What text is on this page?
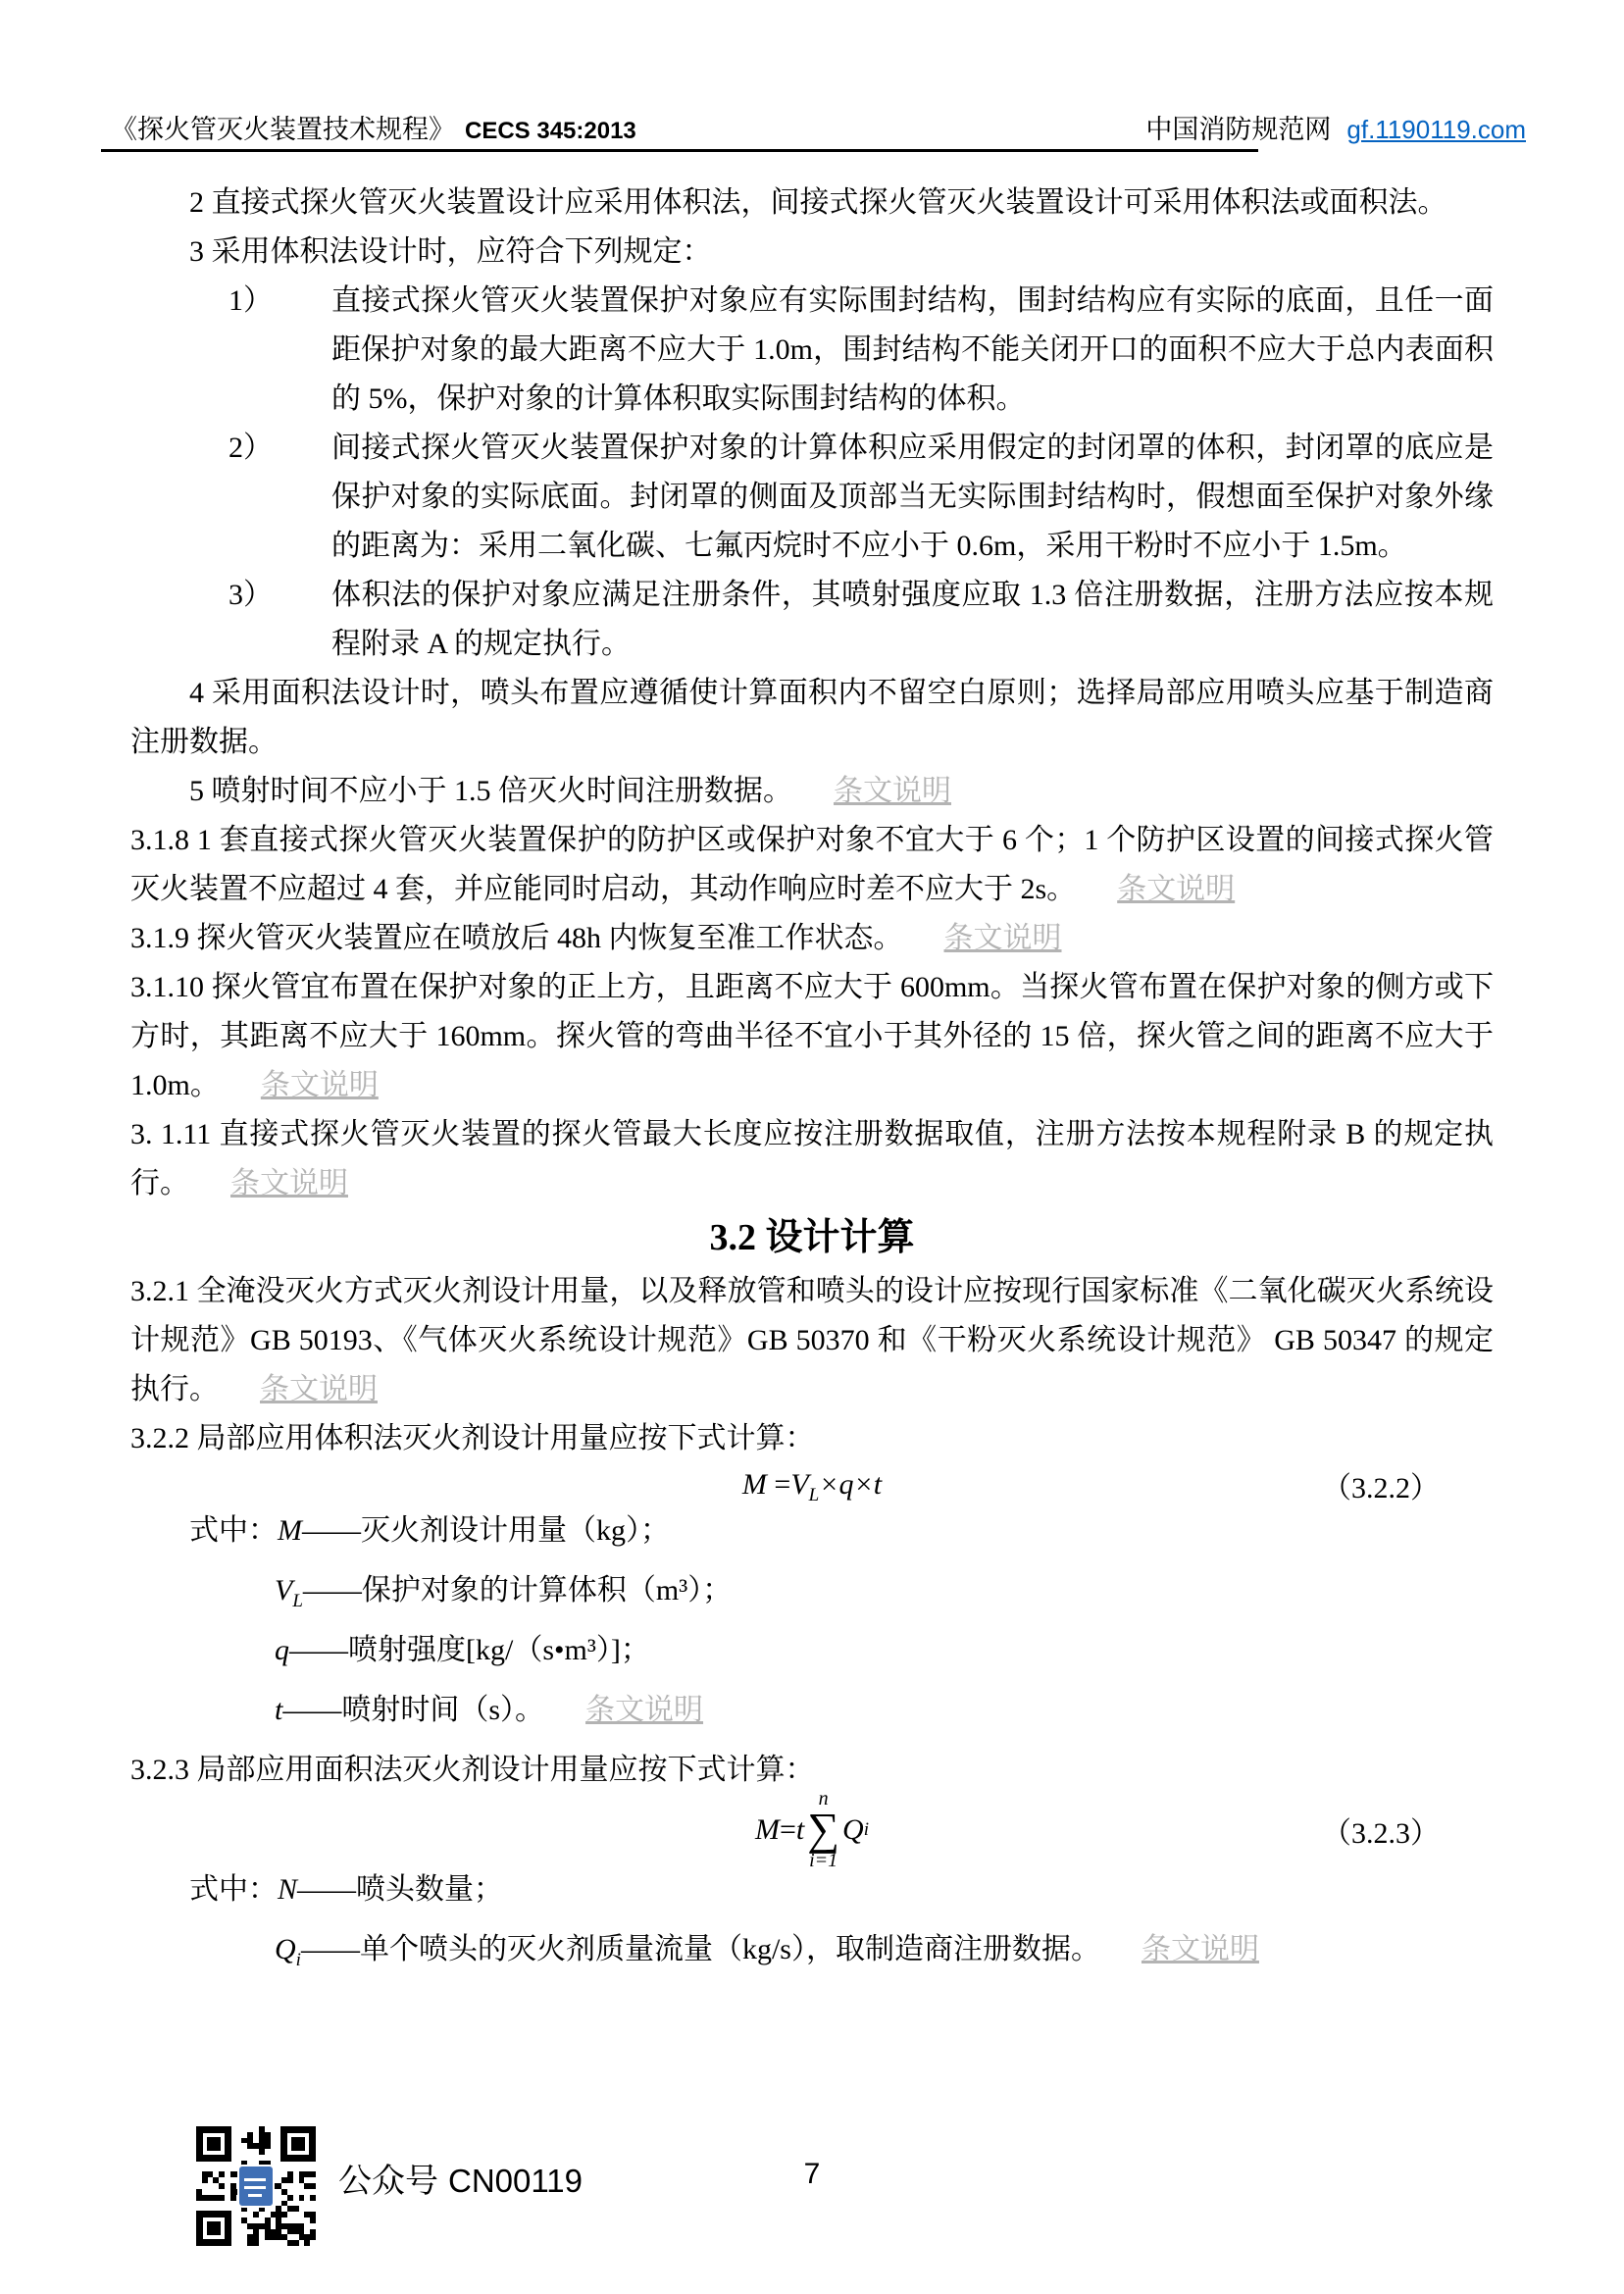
《探火管灭火装置技术规程》 CECS 345:2013	中国消防规范网 gf.1190119.com

2 直接式探火管灭火装置设计应采用体积法，间接式探火管灭火装置设计可采用体积法或面积法。

3 采用体积法设计时，应符合下列规定：

1） 直接式探火管灭火装置保护对象应有实际围封结构，围封结构应有实际的底面，且任一面距保护对象的最大距离不应大于 1.0m，围封结构不能关闭开口的面积不应大于总内表面积的 5%，保护对象的计算体积取实际围封结构的体积。
2） 间接式探火管灭火装置保护对象的计算体积应采用假定的封闭罩的体积，封闭罩的底应是保护对象的实际底面。封闭罩的侧面及顶部当无实际围封结构时，假想面至保护对象外缘的距离为：采用二氧化碳、七氟丙烷时不应小于 0.6m，采用干粉时不应小于 1.5m。
3） 体积法的保护对象应满足注册条件，其喷射强度应取 1.3 倍注册数据，注册方法应按本规程附录 A 的规定执行。

4 采用面积法设计时，喷头布置应遵循使计算面积内不留空白原则；选择局部应用喷头应基于制造商注册数据。

5 喷射时间不应小于 1.5 倍灭火时间注册数据。 条文说明

3.1.8 1 套直接式探火管灭火装置保护的防护区或保护对象不宜大于 6 个；1 个防护区设置的间接式探火管灭火装置不应超过 4 套，并应能同时启动，其动作响应时差不应大于 2s。 条文说明

3.1.9 探火管灭火装置应在喷放后 48h 内恢复至准工作状态。 条文说明

3.1.10 探火管宜布置在保护对象的正上方，且距离不应大于 600mm。当探火管布置在保护对象的侧方或下方时，其距离不应大于 160mm。探火管的弯曲半径不宜小于其外径的 15 倍，探火管之间的距离不应大于 1.0m。 条文说明

3. 1.11 直接式探火管灭火装置的探火管最大长度应按注册数据取值，注册方法按本规程附录 B 的规定执行。 条文说明

3.2 设计计算

3.2.1 全淹没灭火方式灭火剂设计用量，以及释放管和喷头的设计应按现行国家标准《二氧化碳灭火系统设计规范》GB 50193、《气体灭火系统设计规范》GB 50370 和《干粉灭火系统设计规范》 GB 50347 的规定执行。 条文说明

3.2.2 局部应用体积法灭火剂设计用量应按下式计算：

$M =V_L\times q\times t$	（3.2.2）
式中：M——灭火剂设计用量（kg）；
$V_L——$保护对象的计算体积（m³）；
q——喷射强度[kg/（s•m³）]；
t——喷射时间（s）。 条文说明

3.2.3 局部应用面积法灭火剂设计用量应按下式计算：

M = t
n
∑
i=1
Q i	（3.2.3）
式中：N——喷头数量；
$Q_i——$单个喷头的灭火剂质量流量（kg/s），取制造商注册数据。 条文说明
公众号 CN00119	7
